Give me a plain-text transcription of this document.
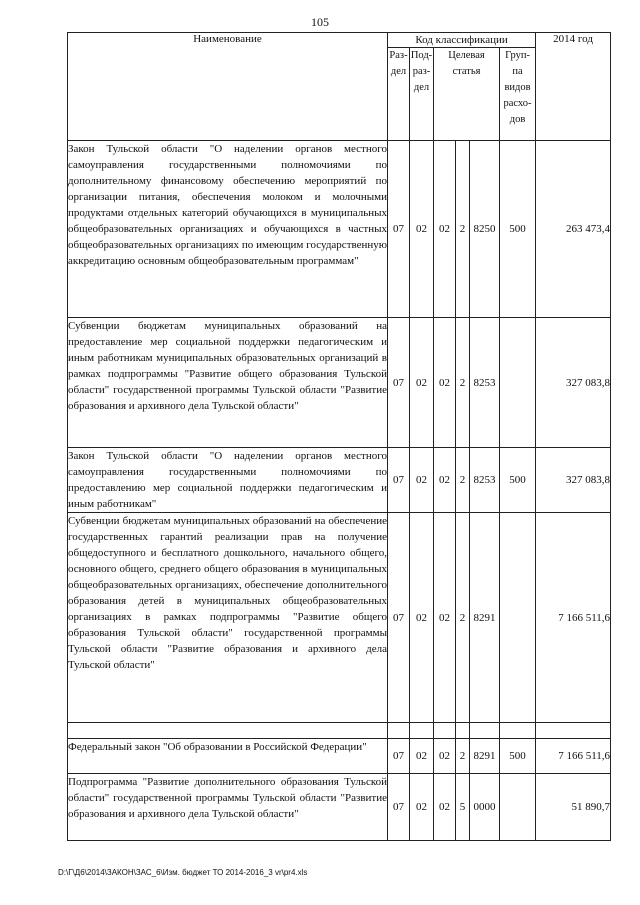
105
Наименование	Код классификации						2014 год
	Раз- дел	Под- раз- дел	Целевая статья			Груп- па видов расхо- дов	
Закон Тульской области "О наделении органов местного самоуправления государственными полномочиями по дополнительному финансовому обеспечению мероприятий по организации питания, обеспечения молоком и молочными продуктами отдельных категорий обучающихся в муниципальных общеобразовательных организациях и обучающихся в частных общеобразовательных организациях по имеющим государственную аккредитацию основным общеобразовательным программам"	07	02	02	2	8250	500	263 473,4
Субвенции бюджетам муниципальных образований на предоставление мер социальной поддержки педагогическим и иным работникам муниципальных образовательных организаций в рамках подпрограммы "Развитие общего образования Тульской области" государственной программы Тульской области "Развитие образования и архивного дела Тульской области"	07	02	02	2	8253		327 083,8
Закон Тульской области "О наделении органов местного самоуправления государственными полномочиями по предоставлению мер социальной поддержки педагогическим и иным работникам"	07	02	02	2	8253	500	327 083,8
Субвенции бюджетам муниципальных образований на обеспечение государственных гарантий реализации прав на получение общедоступного и бесплатного дошкольного, начального общего, основного общего, среднего общего образования в муниципальных общеобразовательных организациях, обеспечение дополнительного образования детей в муниципальных общеобразовательных организациях в рамках подпрограммы "Развитие общего образования Тульской области" государственной программы Тульской области "Развитие образования и архивного дела Тульской области"	07	02	02	2	8291		7 166 511,6

Федеральный закон "Об образовании в Российской Федерации"	07	02	02	2	8291	500	7 166 511,6
Подпрограмма "Развитие дополнительного образования Тульской области" государственной программы Тульской области "Развитие образования и архивного дела Тульской области"	07	02	02	5	0000		51 890,7
D:\Г\Д6\2014\ЗАКОН\ЗАС_6\Изм. бюджет ТО 2014-2016_3 vr\pr4.xls
